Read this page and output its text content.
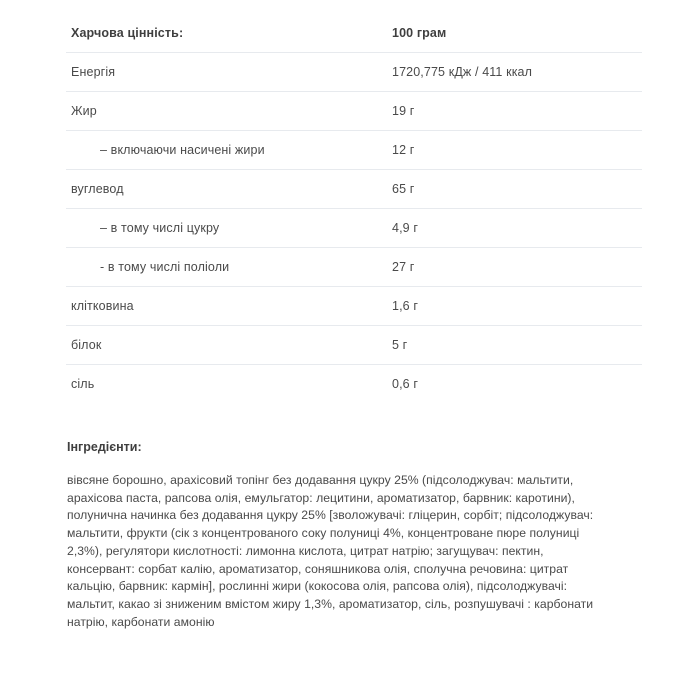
Харчова цінність:	100 грам
Енергія	1720,775 кДж / 411 ккал
Жир	19 г
– включаючи насичені жири	12 г
вуглевод	65 г
– в тому числі цукру	4,9 г
- в тому числі поліоли	27 г
клітковина	1,6 г
білок	5 г
сіль	0,6 г
Інгредієнти:

вівсяне борошно, арахісовий топінг без додавання цукру 25% (підсолоджувач: мальтити, арахісова паста, рапсова олія, емульгатор: лецитини, ароматизатор, барвник: каротини), полунична начинка без додавання цукру 25% [зволожувачі: гліцерин, сорбіт; підсолоджувач: мальтити, фрукти (сік з концентрованого соку полуниці 4%, концентроване пюре полуниці 2,3%), регулятори кислотності: лимонна кислота, цитрат натрію; загущувач: пектин, консервант: сорбат калію, ароматизатор, соняшникова олія, сполучна речовина: цитрат кальцію, барвник: кармін], рослинні жири (кокосова олія, рапсова олія), підсолоджувачі: мальтит, какао зі зниженим вмістом жиру 1,3%, ароматизатор, сіль, розпушувачі : карбонати натрію, карбонати амонію
